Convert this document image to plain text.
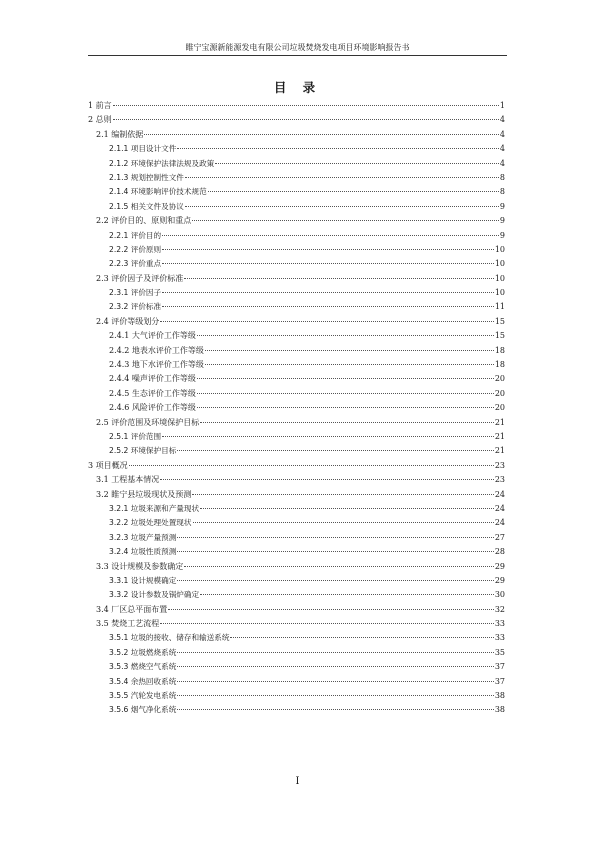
睢宁宝源新能源发电有限公司垃圾焚烧发电项目环境影响报告书
目 录
1 前言	1
2 总则	4
2.1 编制依据	4
2.1.1 项目设计文件	4
2.1.2 环境保护法律法规及政策	4
2.1.3 规划控制性文件	8
2.1.4 环境影响评价技术规范	8
2.1.5 相关文件及协议	9
2.2 评价目的、原则和重点	9
2.2.1 评价目的	9
2.2.2 评价原则	10
2.2.3 评价重点	10
2.3 评价因子及评价标准	10
2.3.1 评价因子	10
2.3.2 评价标准	11
2.4 评价等级划分	15
2.4.1 大气评价工作等级	15
2.4.2 地表水评价工作等级	18
2.4.3 地下水评价工作等级	18
2.4.4 噪声评价工作等级	20
2.4.5 生态评价工作等级	20
2.4.6 风险评价工作等级	20
2.5 评价范围及环境保护目标	21
2.5.1 评价范围	21
2.5.2 环境保护目标	21
3 项目概况	23
3.1 工程基本情况	23
3.2 睢宁县垃圾现状及预测	24
3.2.1 垃圾来源和产量现状	24
3.2.2 垃圾处理处置现状	24
3.2.3 垃圾产量预测	27
3.2.4 垃圾性质预测	28
3.3 设计规模及参数确定	29
3.3.1 设计规模确定	29
3.3.2 设计参数及锅炉确定	30
3.4 厂区总平面布置	32
3.5 焚烧工艺流程	33
3.5.1 垃圾的接收、储存和输送系统	33
3.5.2 垃圾燃烧系统	35
3.5.3 燃烧空气系统	37
3.5.4 余热回收系统	37
3.5.5 汽轮发电系统	38
3.5.6 烟气净化系统	38
I
